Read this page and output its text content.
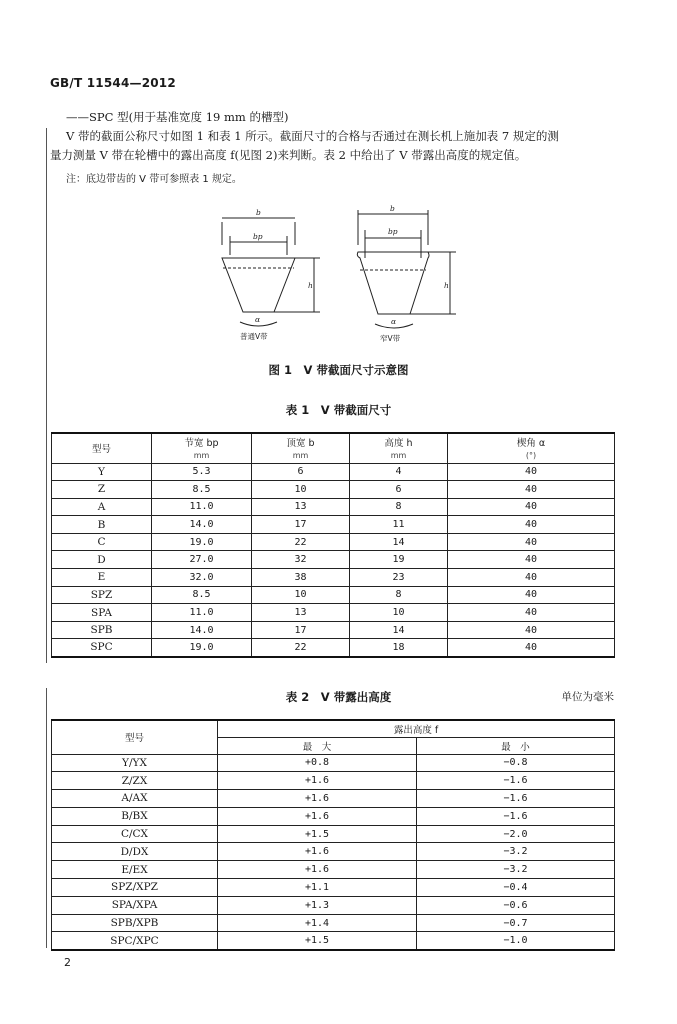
GB/T 11544—2012
——SPC 型(用于基准宽度 19 mm 的槽型)
V 带的截面公称尺寸如图 1 和表 1 所示。截面尺寸的合格与否通过在测长机上施加表 7 规定的测
量力测量 V 带在轮槽中的露出高度 f(见图 2)来判断。表 2 中给出了 V 带露出高度的规定值。
注：底边带齿的 V 带可参照表 1 规定。
b
bp
h
α
普通V带
b
bp
h
α
窄V带
图 1　V 带截面尺寸示意图
表 1　V 带截面尺寸
型号	节宽 bp	顶宽 b	高度 h	楔角 α
	mm	mm	mm	(°)
Y	5.3	6	4	40
Z	8.5	10	6	40
A	11.0	13	8	40
B	14.0	17	11	40
C	19.0	22	14	40
D	27.0	32	19	40
E	32.0	38	23	40
SPZ	8.5	10	8	40
SPA	11.0	13	10	40
SPB	14.0	17	14	40
SPC	19.0	22	18	40
表 2　V 带露出高度	单位为毫米
型号	露出高度 f	
	最　大	最　小
Y/YX	+0.8	−0.8
Z/ZX	+1.6	−1.6
A/AX	+1.6	−1.6
B/BX	+1.6	−1.6
C/CX	+1.5	−2.0
D/DX	+1.6	−3.2
E/EX	+1.6	−3.2
SPZ/XPZ	+1.1	−0.4
SPA/XPA	+1.3	−0.6
SPB/XPB	+1.4	−0.7
SPC/XPC	+1.5	−1.0
2
